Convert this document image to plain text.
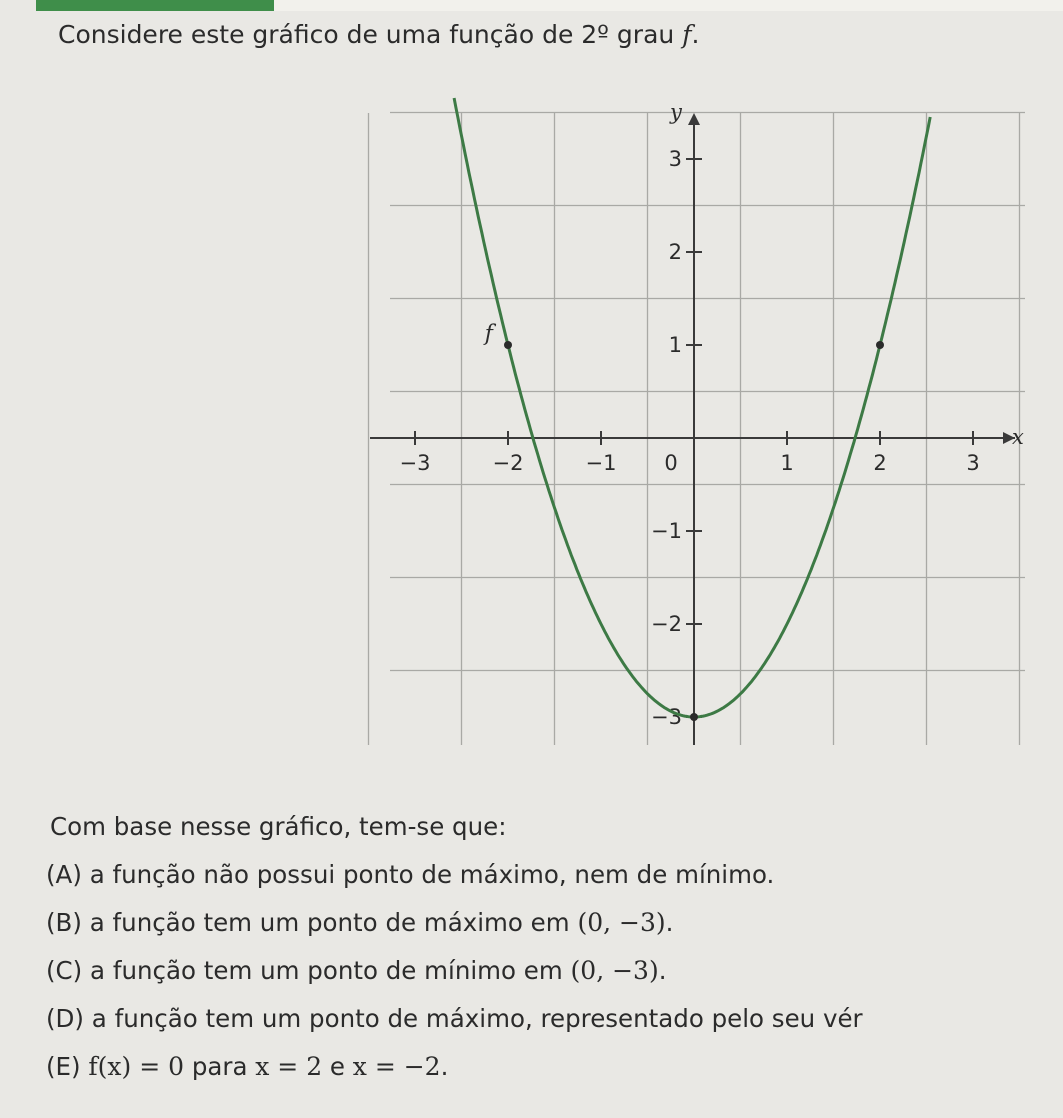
Considere este gráfico de uma função de 2º grau f.
x
y
−3	−2	−1 0	1	2	3
−3
−2
−1
1
2
3
f
Com base nesse gráfico, tem-se que:
(A) a função não possui ponto de máximo, nem de mínimo.
(B) a função tem um ponto de máximo em (0, −3).
(C) a função tem um ponto de mínimo em (0, −3).
(D) a função tem um ponto de máximo, representado pelo seu vér
(E) f(x) = 0 para x = 2 e x = −2.
